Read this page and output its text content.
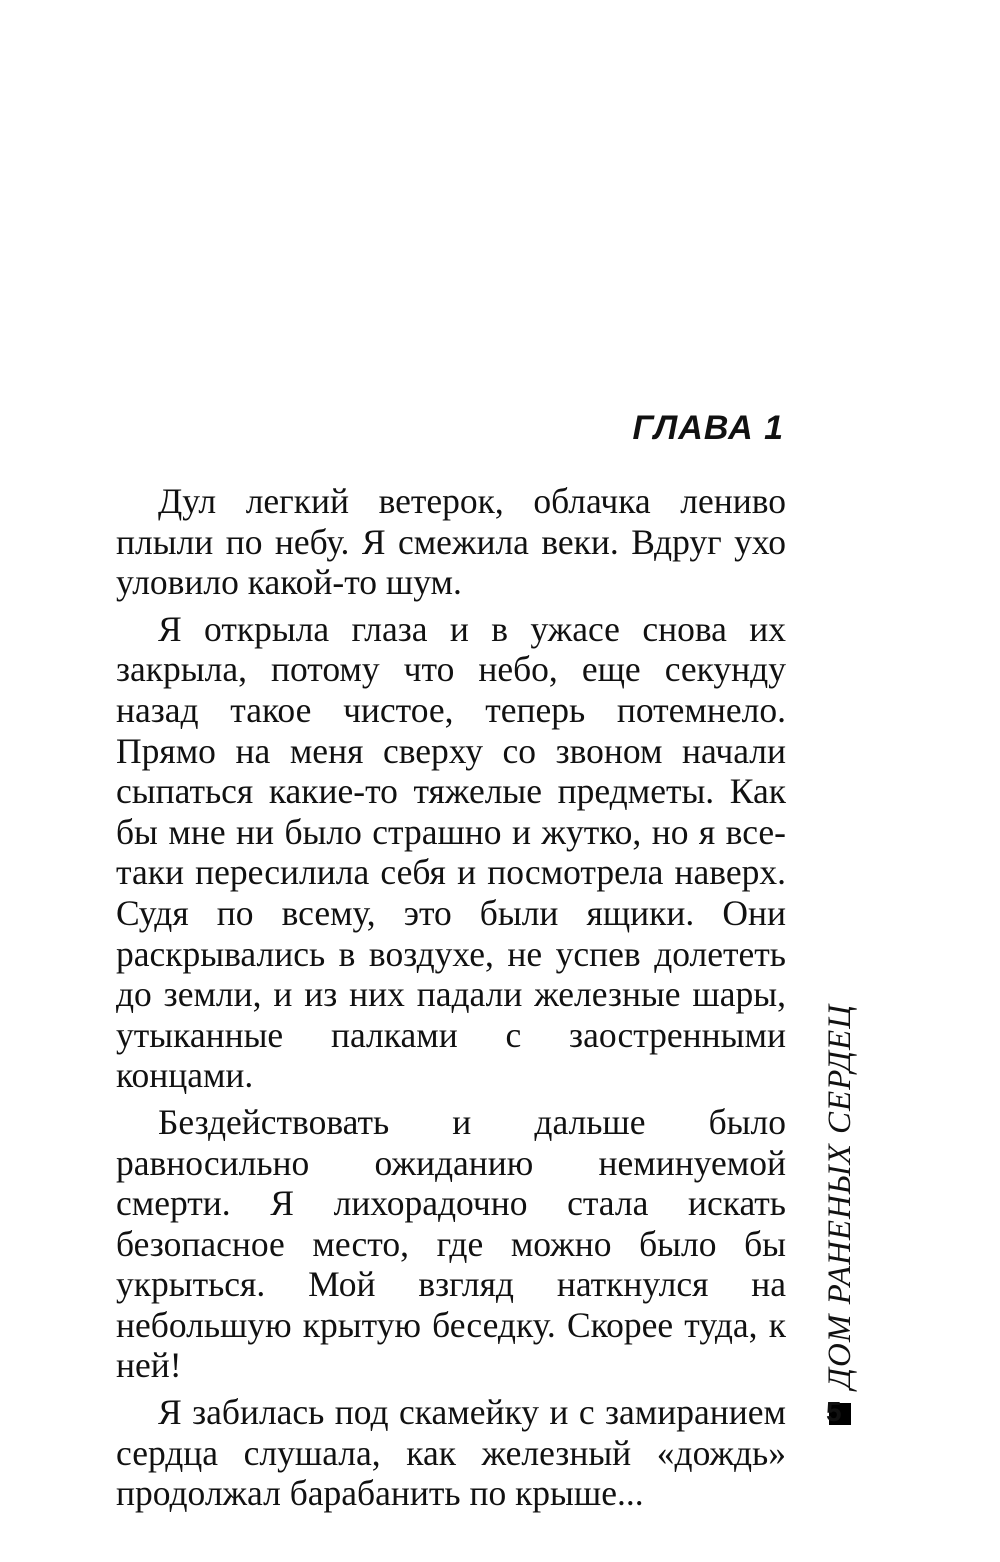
ГЛАВА 1

Дул легкий ветерок, облачка лениво плыли по небу. Я смежила веки. Вдруг ухо уловило какой-то шум.

Я открыла глаза и в ужасе снова их закрыла, потому что небо, еще секунду назад такое чистое, теперь потемнело. Прямо на меня сверху со звоном начали сыпаться какие-то тяжелые предметы. Как бы мне ни было страшно и жутко, но я все-таки пересилила себя и посмотрела наверх. Судя по всему, это были ящики. Они раскрывались в воздухе, не успев долететь до земли, и из них падали железные шары, утыканные палками с заостренными концами.

Бездействовать и дальше было равносильно ожиданию неминуемой смерти. Я лихорадочно стала искать безопасное место, где можно было бы укрыться. Мой взгляд наткнулся на небольшую крытую беседку. Скорее туда, к ней!

Я забилась под скамейку и с замиранием сердца слушала, как железный «дождь» продолжал барабанить по крыше...

ДОМ РАНЕНЫХ СЕРДЕЦ
5
